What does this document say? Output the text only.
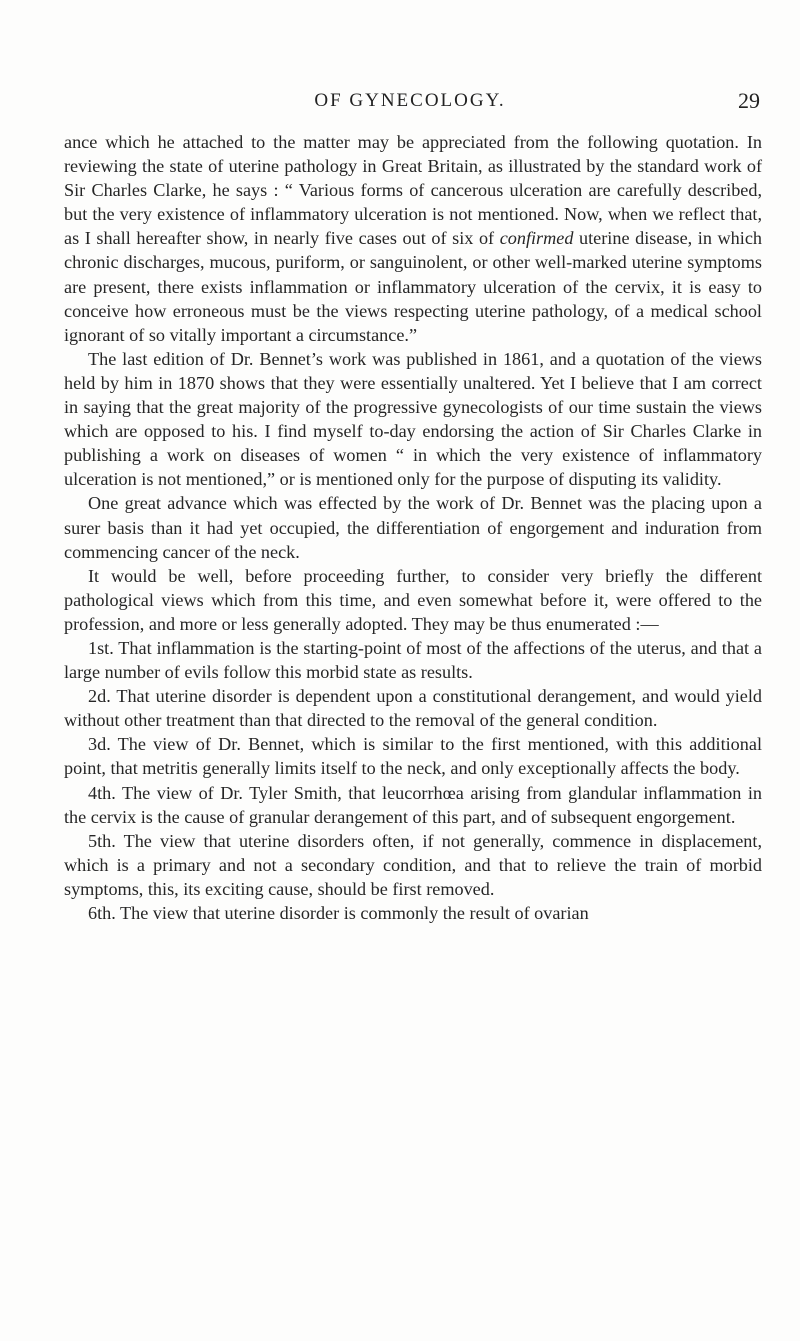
OF GYNECOLOGY.	29

ance which he attached to the matter may be appreciated from the following quotation. In reviewing the state of uterine pathology in Great Britain, as illustrated by the standard work of Sir Charles Clarke, he says : “ Various forms of cancerous ulceration are carefully described, but the very existence of inflammatory ulceration is not mentioned. Now, when we reflect that, as I shall hereafter show, in nearly five cases out of six of confirmed uterine disease, in which chronic discharges, mucous, puriform, or sanguinolent, or other well-marked uterine symptoms are present, there exists inflammation or inflammatory ulceration of the cervix, it is easy to conceive how erroneous must be the views respecting uterine pathology, of a medical school ignorant of so vitally important a circumstance.”

The last edition of Dr. Bennet’s work was published in 1861, and a quotation of the views held by him in 1870 shows that they were essentially unaltered. Yet I believe that I am correct in saying that the great majority of the progressive gynecologists of our time sustain the views which are opposed to his. I find myself to-day endorsing the action of Sir Charles Clarke in publishing a work on diseases of women “ in which the very existence of inflammatory ulceration is not mentioned,” or is mentioned only for the purpose of disputing its validity.

One great advance which was effected by the work of Dr. Bennet was the placing upon a surer basis than it had yet occupied, the differentiation of engorgement and induration from commencing cancer of the neck.

It would be well, before proceeding further, to consider very briefly the different pathological views which from this time, and even somewhat before it, were offered to the profession, and more or less generally adopted. They may be thus enumerated :—

1st. That inflammation is the starting-point of most of the affections of the uterus, and that a large number of evils follow this morbid state as results.

2d. That uterine disorder is dependent upon a constitutional derangement, and would yield without other treatment than that directed to the removal of the general condition.

3d. The view of Dr. Bennet, which is similar to the first mentioned, with this additional point, that metritis generally limits itself to the neck, and only exceptionally affects the body.

4th. The view of Dr. Tyler Smith, that leucorrhœa arising from glandular inflammation in the cervix is the cause of granular derangement of this part, and of subsequent engorgement.

5th. The view that uterine disorders often, if not generally, commence in displacement, which is a primary and not a secondary condition, and that to relieve the train of morbid symptoms, this, its exciting cause, should be first removed.

6th. The view that uterine disorder is commonly the result of ovarian
